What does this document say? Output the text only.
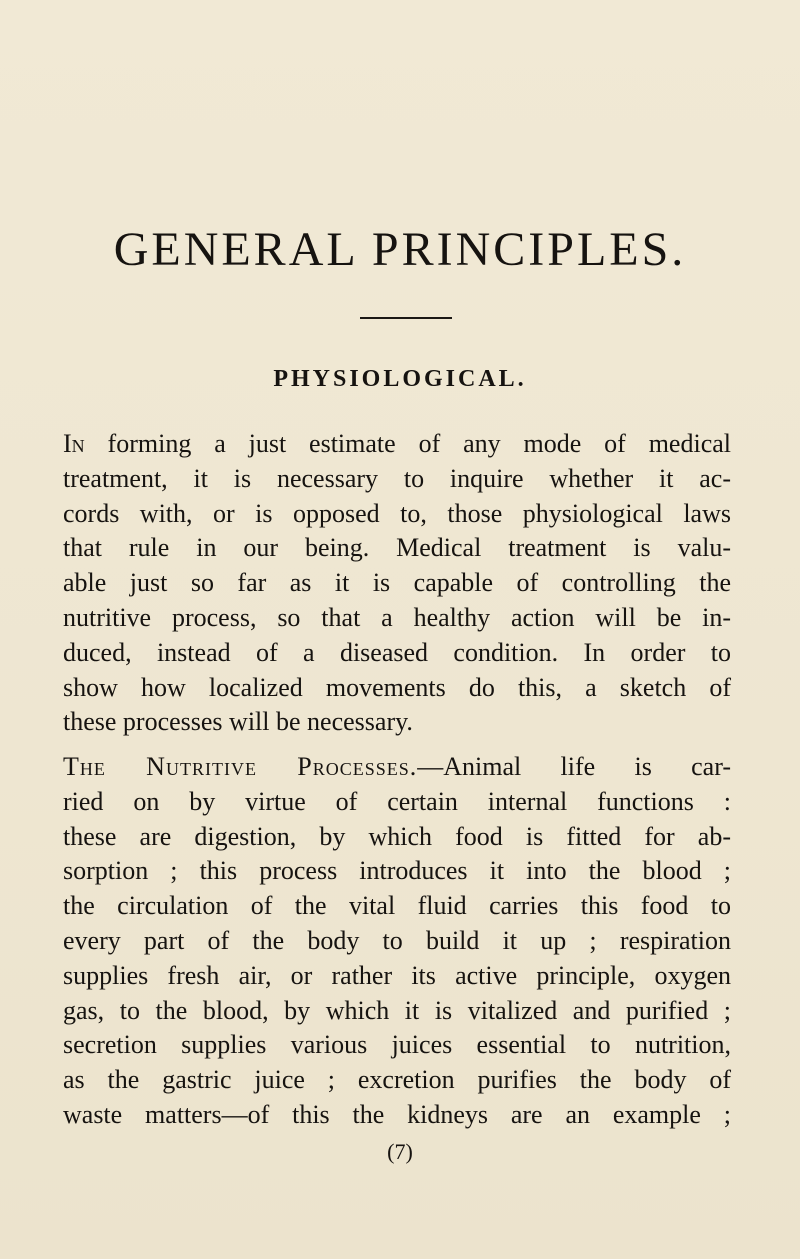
GENERAL PRINCIPLES.
PHYSIOLOGICAL.
In forming a just estimate of any mode of medical
treatment, it is necessary to inquire whether it ac-
cords with, or is opposed to, those physiological laws
that rule in our being. Medical treatment is valu-
able just so far as it is capable of controlling the
nutritive process, so that a healthy action will be in-
duced, instead of a diseased condition. In order to
show how localized movements do this, a sketch of
these processes will be necessary.
The Nutritive Processes.—Animal life is car-
ried on by virtue of certain internal functions :
these are digestion, by which food is fitted for ab-
sorption ; this process introduces it into the blood ;
the circulation of the vital fluid carries this food to
every part of the body to build it up ; respiration
supplies fresh air, or rather its active principle, oxygen
gas, to the blood, by which it is vitalized and purified ;
secretion supplies various juices essential to nutrition,
as the gastric juice ; excretion purifies the body of
waste matters—of this the kidneys are an example ;

(7)
